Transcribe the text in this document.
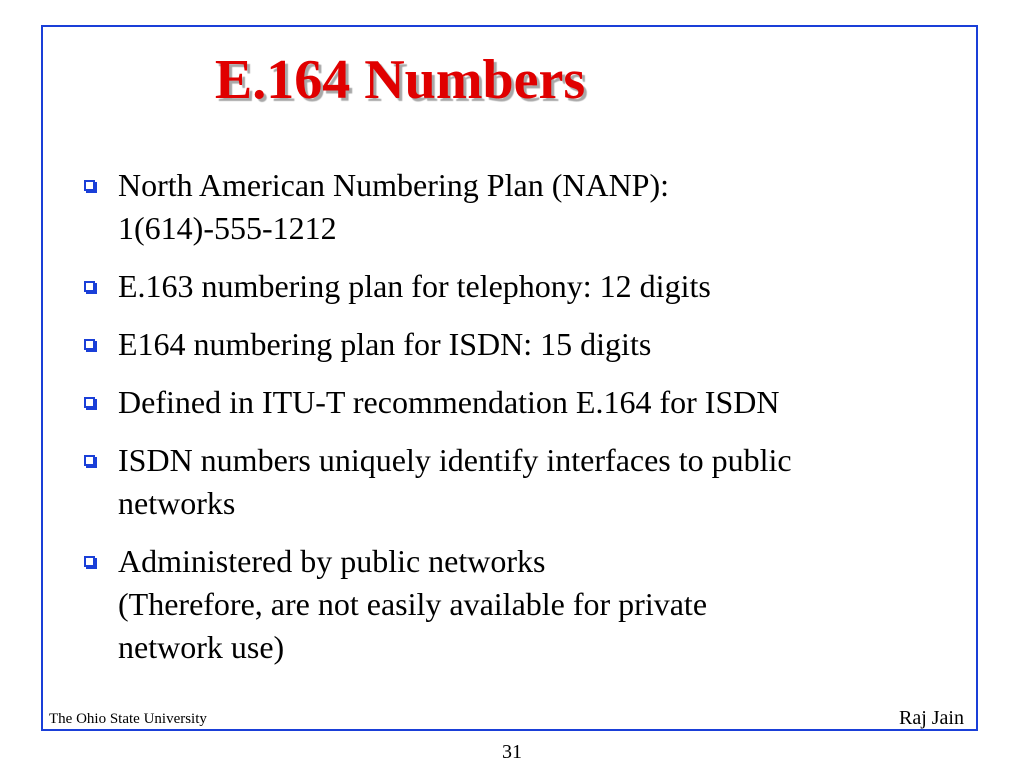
E.164 Numbers
North American Numbering Plan (NANP):
1(614)-555-1212
E.163 numbering plan for telephony: 12 digits
E164 numbering plan for ISDN: 15 digits
Defined in ITU-T recommendation E.164 for ISDN
ISDN numbers uniquely identify interfaces to public
networks
Administered by public networks
(Therefore, are not easily available for private
network use)
The Ohio State University	Raj Jain
31
